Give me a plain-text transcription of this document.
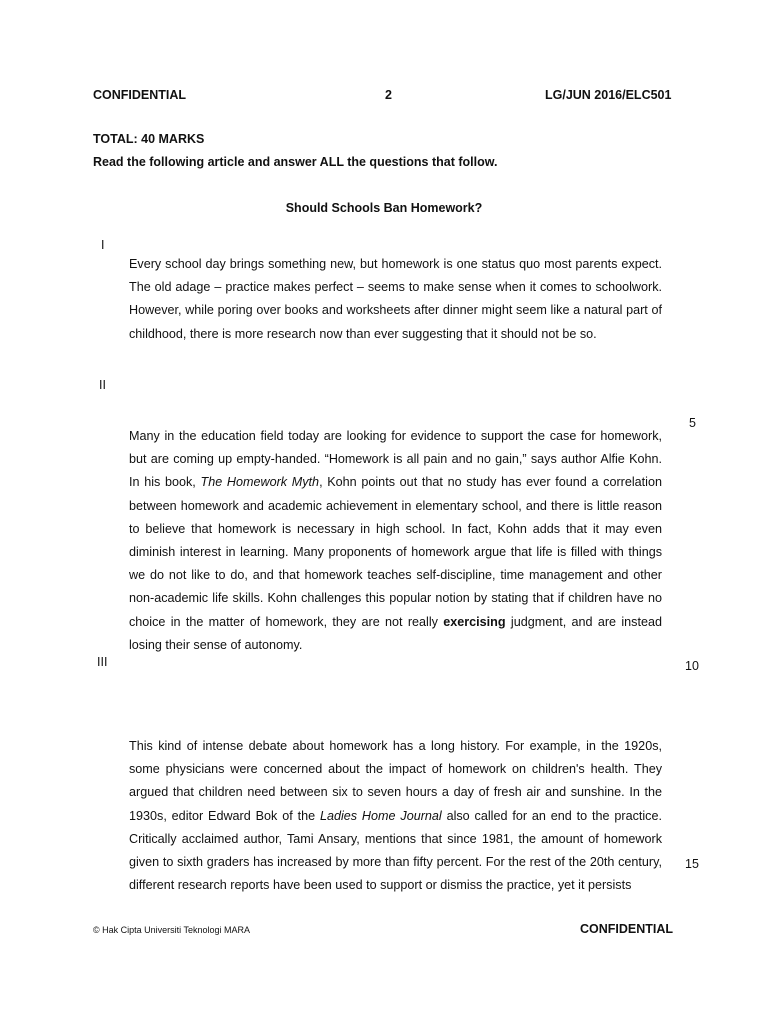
CONFIDENTIAL	2	LG/JUN 2016/ELC501
TOTAL: 40 MARKS
Read the following article and answer ALL the questions that follow.
Should Schools Ban Homework?
I
II
III
5
10
15

Every school day brings something new, but homework is one status quo most parents expect. The old adage – practice makes perfect – seems to make sense when it comes to schoolwork. However, while poring over books and worksheets after dinner might seem like a natural part of childhood, there is more research now than ever suggesting that it should not be so.

Many in the education field today are looking for evidence to support the case for homework, but are coming up empty-handed. “Homework is all pain and no gain,” says author Alfie Kohn. In his book, The Homework Myth, Kohn points out that no study has ever found a correlation between homework and academic achievement in elementary school, and there is little reason to believe that homework is necessary in high school. In fact, Kohn adds that it may even diminish interest in learning. Many proponents of homework argue that life is filled with things we do not like to do, and that homework teaches self-discipline, time management and other non-academic life skills. Kohn challenges this popular notion by stating that if children have no choice in the matter of homework, they are not really exercising judgment, and are instead losing their sense of autonomy.

This kind of intense debate about homework has a long history. For example, in the 1920s, some physicians were concerned about the impact of homework on children's health. They argued that children need between six to seven hours a day of fresh air and sunshine. In the 1930s, editor Edward Bok of the Ladies Home Journal also called for an end to the practice. Critically acclaimed author, Tami Ansary, mentions that since 1981, the amount of homework given to sixth graders has increased by more than fifty percent. For the rest of the 20th century, different research reports have been used to support or dismiss the practice, yet it persists

© Hak Cipta Universiti Teknologi MARA	CONFIDENTIAL
